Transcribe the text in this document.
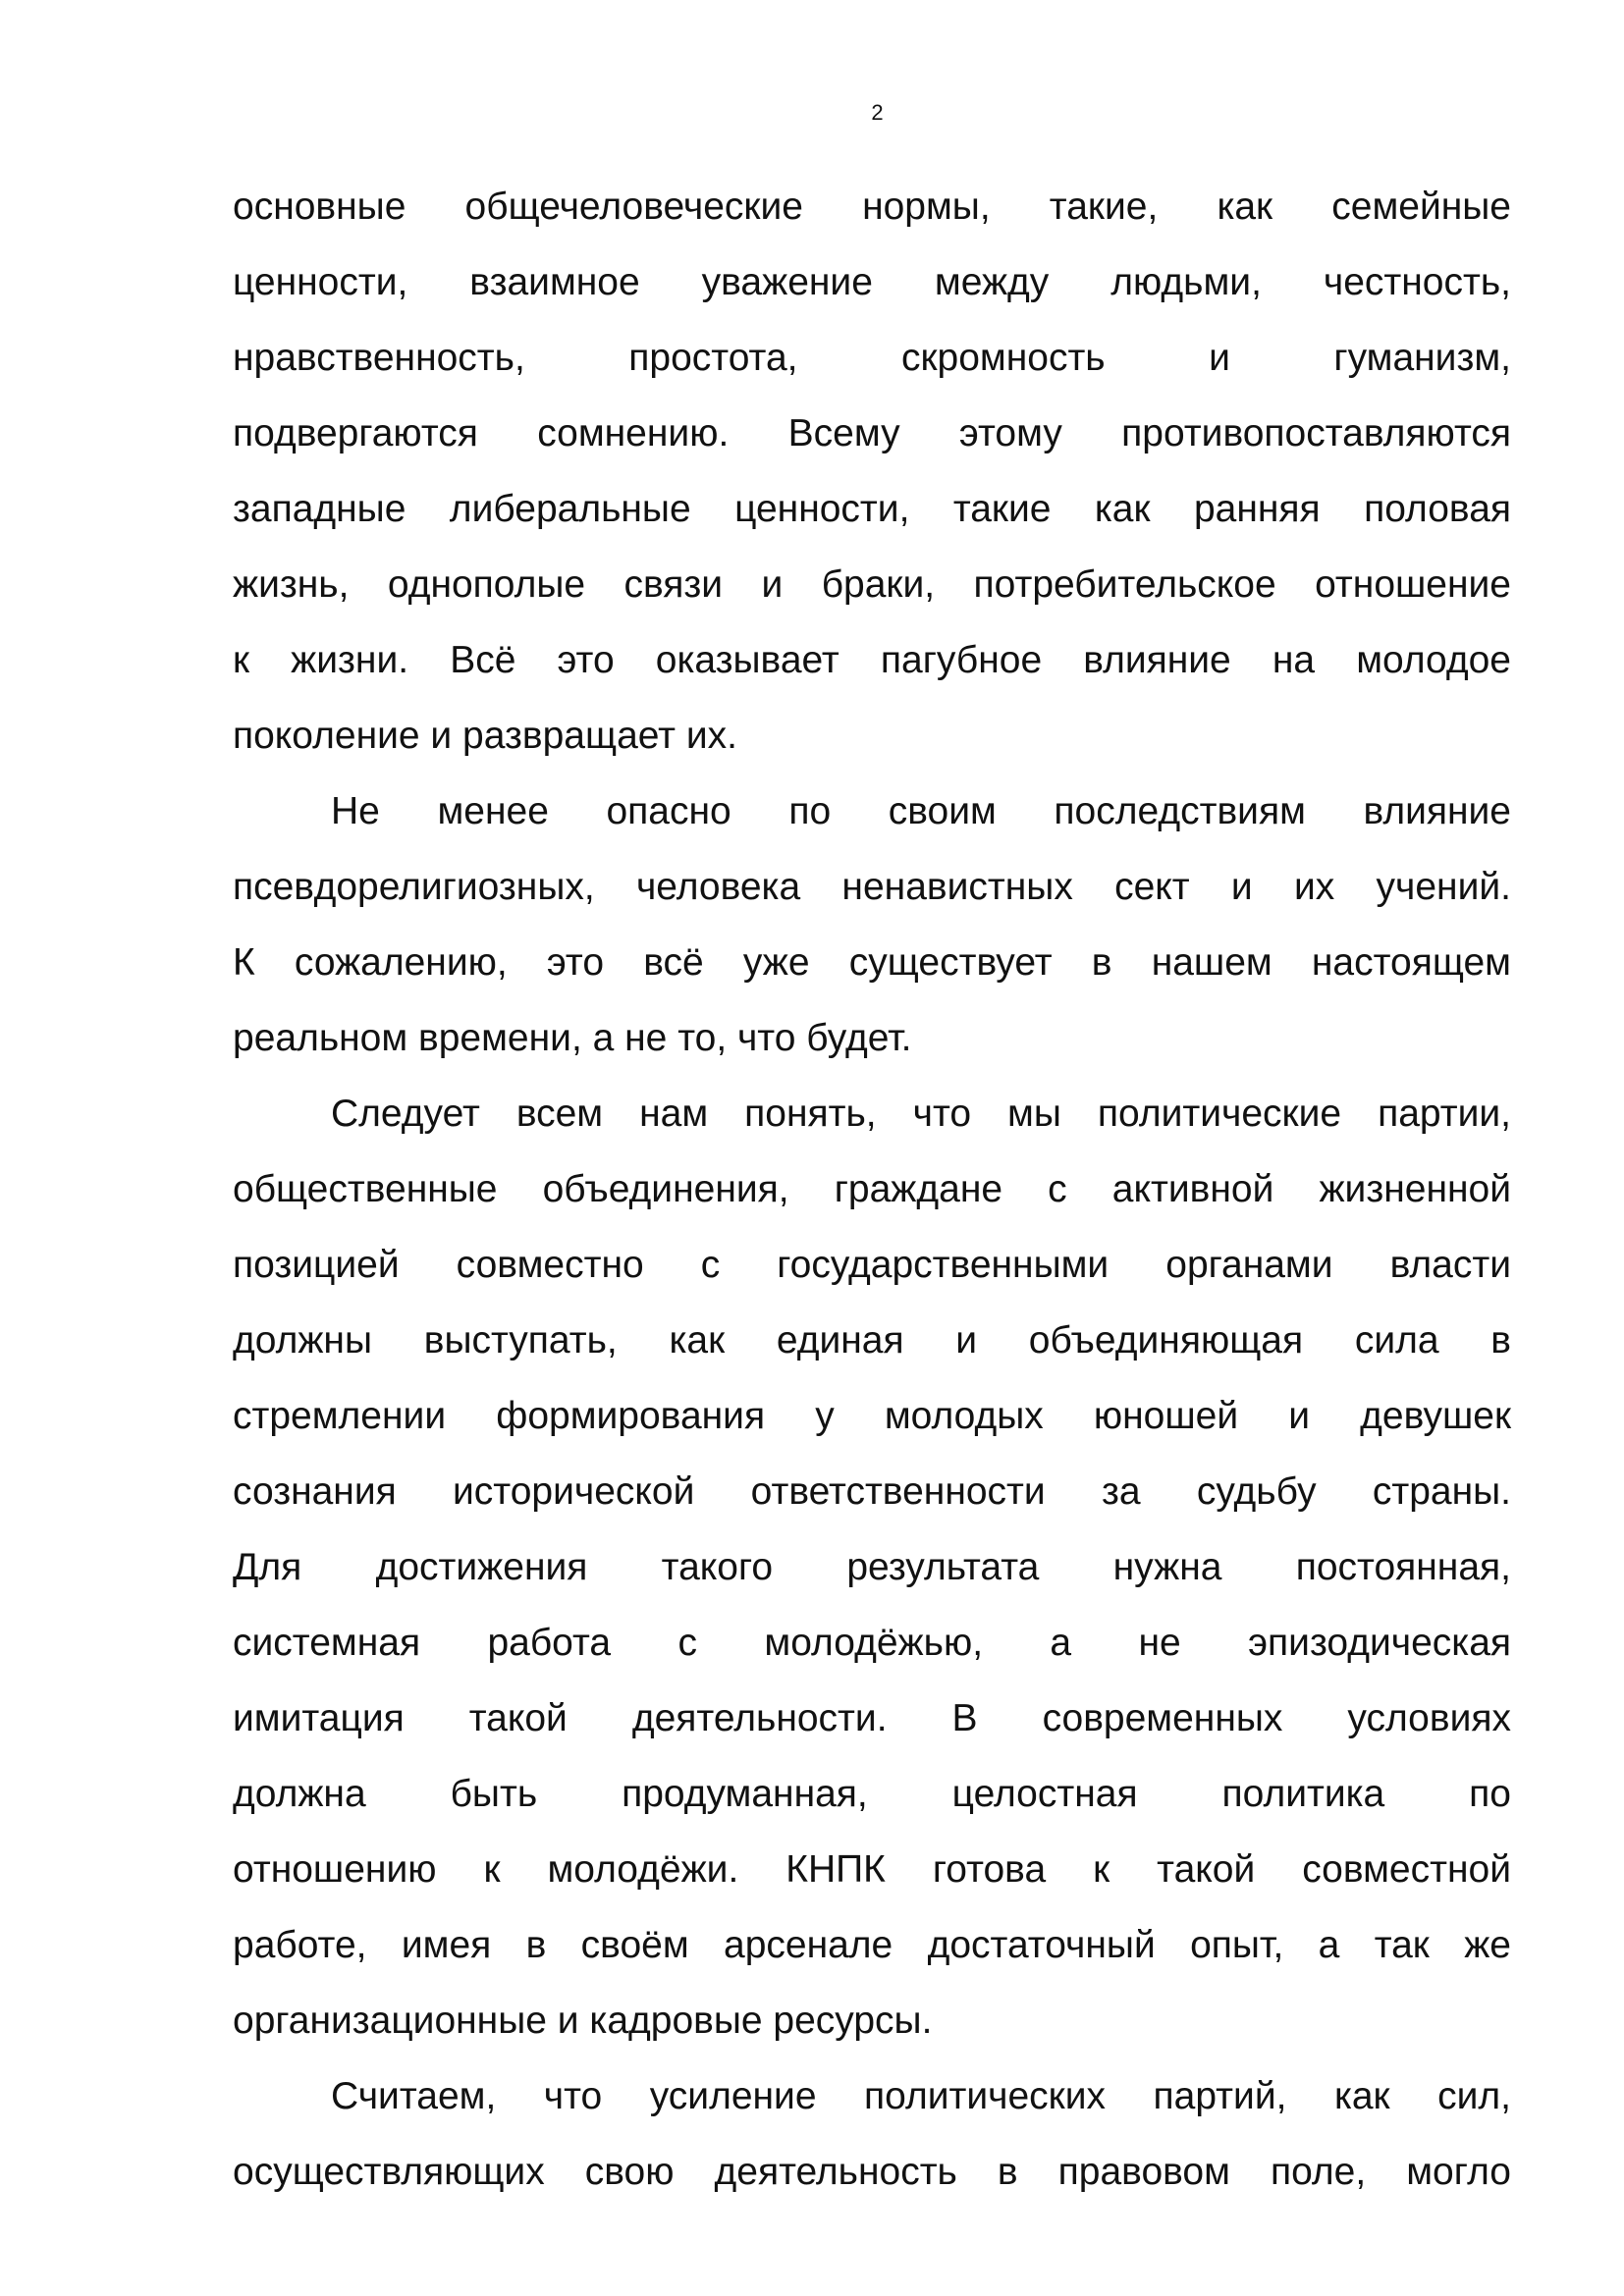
2
основные общечеловеческие нормы, такие, как семейные
ценности, взаимное уважение между людьми, честность,
нравственность, простота, скромность и гуманизм,
подвергаются сомнению. Всему этому противопоставляются
западные либеральные ценности, такие как ранняя половая
жизнь, однополые связи и браки, потребительское отношение
к жизни. Всё это оказывает пагубное влияние на молодое
поколение и развращает их.
Не менее опасно по своим последствиям влияние
псевдорелигиозных, человека ненавистных сект и их учений.
К сожалению, это всё уже существует в нашем настоящем
реальном времени, а не то, что будет.
Следует всем нам понять, что мы политические партии,
общественные объединения, граждане с активной жизненной
позицией совместно с государственными органами власти
должны выступать, как единая и объединяющая сила в
стремлении формирования у молодых юношей и девушек
сознания исторической ответственности за судьбу страны.
Для достижения такого результата нужна постоянная,
системная работа с молодёжью, а не эпизодическая
имитация такой деятельности. В современных условиях
должна быть продуманная, целостная политика по
отношению к молодёжи. КНПК готова к такой совместной
работе, имея в своём арсенале достаточный опыт, а так же
организационные и кадровые ресурсы.
Считаем, что усиление политических партий, как сил,
осуществляющих свою деятельность в правовом поле, могло
